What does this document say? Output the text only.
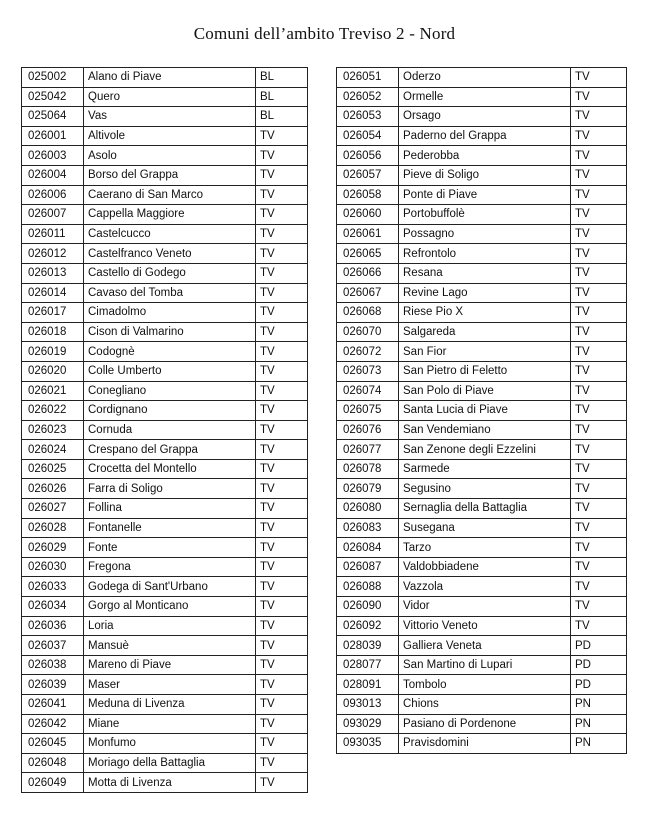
Comuni dell’ambito Treviso 2 - Nord
025002	Alano di Piave	BL
025042	Quero	BL
025064	Vas	BL
026001	Altivole	TV
026003	Asolo	TV
026004	Borso del Grappa	TV
026006	Caerano di San Marco	TV
026007	Cappella Maggiore	TV
026011	Castelcucco	TV
026012	Castelfranco Veneto	TV
026013	Castello di Godego	TV
026014	Cavaso del Tomba	TV
026017	Cimadolmo	TV
026018	Cison di Valmarino	TV
026019	Codognè	TV
026020	Colle Umberto	TV
026021	Conegliano	TV
026022	Cordignano	TV
026023	Cornuda	TV
026024	Crespano del Grappa	TV
026025	Crocetta del Montello	TV
026026	Farra di Soligo	TV
026027	Follina	TV
026028	Fontanelle	TV
026029	Fonte	TV
026030	Fregona	TV
026033	Godega di Sant'Urbano	TV
026034	Gorgo al Monticano	TV
026036	Loria	TV
026037	Mansuè	TV
026038	Mareno di Piave	TV
026039	Maser	TV
026041	Meduna di Livenza	TV
026042	Miane	TV
026045	Monfumo	TV
026048	Moriago della Battaglia	TV
026049	Motta di Livenza	TV
026051	Oderzo	TV
026052	Ormelle	TV
026053	Orsago	TV
026054	Paderno del Grappa	TV
026056	Pederobba	TV
026057	Pieve di Soligo	TV
026058	Ponte di Piave	TV
026060	Portobuffolè	TV
026061	Possagno	TV
026065	Refrontolo	TV
026066	Resana	TV
026067	Revine Lago	TV
026068	Riese Pio X	TV
026070	Salgareda	TV
026072	San Fior	TV
026073	San Pietro di Feletto	TV
026074	San Polo di Piave	TV
026075	Santa Lucia di Piave	TV
026076	San Vendemiano	TV
026077	San Zenone degli Ezzelini	TV
026078	Sarmede	TV
026079	Segusino	TV
026080	Sernaglia della Battaglia	TV
026083	Susegana	TV
026084	Tarzo	TV
026087	Valdobbiadene	TV
026088	Vazzola	TV
026090	Vidor	TV
026092	Vittorio Veneto	TV
028039	Galliera Veneta	PD
028077	San Martino di Lupari	PD
028091	Tombolo	PD
093013	Chions	PN
093029	Pasiano di Pordenone	PN
093035	Pravisdomini	PN
